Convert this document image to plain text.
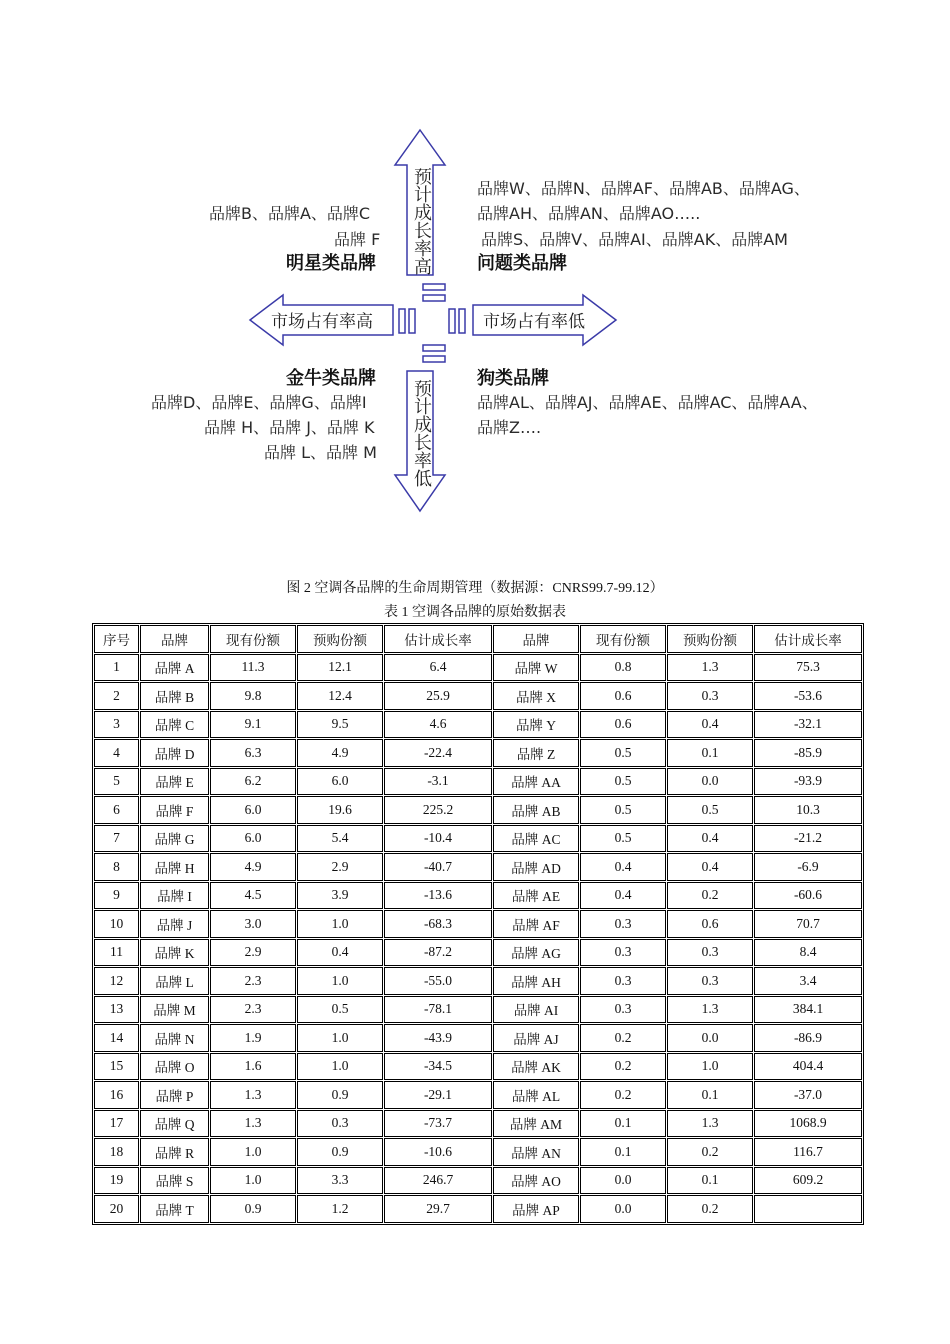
预计成长率高
预计成长率低
市场占有率高	市场占有率低
品牌B、品牌A、品牌C
品牌 F
明星类品牌
品牌W、品牌N、品牌AF、品牌AB、品牌AG、
品牌AH、品牌AN、品牌AO…..
品牌S、品牌V、品牌AI、品牌AK、品牌AM
问题类品牌
金牛类品牌
品牌D、品牌E、品牌G、品牌I
品牌 H、品牌 J、品牌 K
品牌 L、品牌 M
狗类品牌
品牌AL、品牌AJ、品牌AE、品牌AC、品牌AA、
品牌Z….
图 2 空调各品牌的生命周期管理（数据源：CNRS99.7-99.12）
表 1 空调各品牌的原始数据表
序号	品牌	现有份额	预购份额	估计成长率	品牌	现有份额	预购份额	估计成长率
1	品牌 A	11.3	12.1	6.4	品牌 W	0.8	1.3	75.3
2	品牌 B	9.8	12.4	25.9	品牌 X	0.6	0.3	-53.6
3	品牌 C	9.1	9.5	4.6	品牌 Y	0.6	0.4	-32.1
4	品牌 D	6.3	4.9	-22.4	品牌 Z	0.5	0.1	-85.9
5	品牌 E	6.2	6.0	-3.1	品牌 AA	0.5	0.0	-93.9
6	品牌 F	6.0	19.6	225.2	品牌 AB	0.5	0.5	10.3
7	品牌 G	6.0	5.4	-10.4	品牌 AC	0.5	0.4	-21.2
8	品牌 H	4.9	2.9	-40.7	品牌 AD	0.4	0.4	-6.9
9	品牌 I	4.5	3.9	-13.6	品牌 AE	0.4	0.2	-60.6
10	品牌 J	3.0	1.0	-68.3	品牌 AF	0.3	0.6	70.7
11	品牌 K	2.9	0.4	-87.2	品牌 AG	0.3	0.3	8.4
12	品牌 L	2.3	1.0	-55.0	品牌 AH	0.3	0.3	3.4
13	品牌 M	2.3	0.5	-78.1	品牌 AI	0.3	1.3	384.1
14	品牌 N	1.9	1.0	-43.9	品牌 AJ	0.2	0.0	-86.9
15	品牌 O	1.6	1.0	-34.5	品牌 AK	0.2	1.0	404.4
16	品牌 P	1.3	0.9	-29.1	品牌 AL	0.2	0.1	-37.0
17	品牌 Q	1.3	0.3	-73.7	品牌 AM	0.1	1.3	1068.9
18	品牌 R	1.0	0.9	-10.6	品牌 AN	0.1	0.2	116.7
19	品牌 S	1.0	3.3	246.7	品牌 AO	0.0	0.1	609.2
20	品牌 T	0.9	1.2	29.7	品牌 AP	0.0	0.2	
